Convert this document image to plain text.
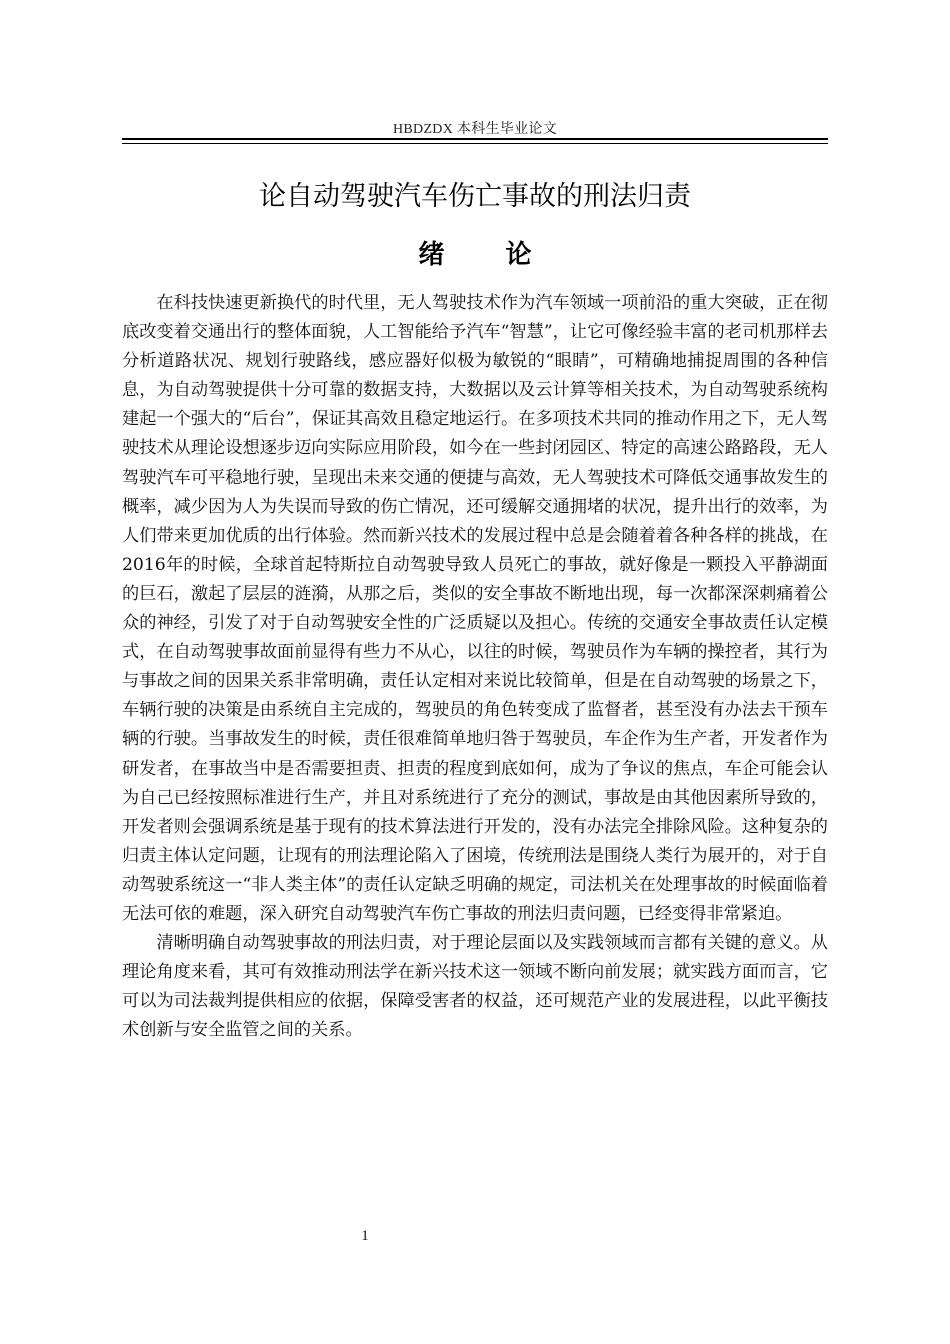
HBDZDX 本科生毕业论文
论自动驾驶汽车伤亡事故的刑法归责
绪 论

在科技快速更新换代的时代里，无人驾驶技术作为汽车领域一项前沿的重大突破，正在彻底改变着交通出行的整体面貌，人工智能给予汽车“智慧”，让它可像经验丰富的老司机那样去分析道路状况、规划行驶路线，感应器好似极为敏锐的“眼睛”，可精确地捕捉周围的各种信息，为自动驾驶提供十分可靠的数据支持，大数据以及云计算等相关技术，为自动驾驶系统构建起一个强大的“后台”，保证其高效且稳定地运行。在多项技术共同的推动作用之下，无人驾驶技术从理论设想逐步迈向实际应用阶段，如今在一些封闭园区、特定的高速公路路段，无人驾驶汽车可平稳地行驶，呈现出未来交通的便捷与高效，无人驾驶技术可降低交通事故发生的概率，减少因为人为失误而导致的伤亡情况，还可缓解交通拥堵的状况，提升出行的效率，为人们带来更加优质的出行体验。然而新兴技术的发展过程中总是会随着着各种各样的挑战，在2016年的时候，全球首起特斯拉自动驾驶导致人员死亡的事故，就好像是一颗投入平静湖面的巨石，激起了层层的涟漪，从那之后，类似的安全事故不断地出现，每一次都深深刺痛着公众的神经，引发了对于自动驾驶安全性的广泛质疑以及担心。传统的交通安全事故责任认定模式，在自动驾驶事故面前显得有些力不从心，以往的时候，驾驶员作为车辆的操控者，其行为与事故之间的因果关系非常明确，责任认定相对来说比较简单，但是在自动驾驶的场景之下，车辆行驶的决策是由系统自主完成的，驾驶员的角色转变成了监督者，甚至没有办法去干预车辆的行驶。当事故发生的时候，责任很难简单地归咎于驾驶员，车企作为生产者，开发者作为研发者，在事故当中是否需要担责、担责的程度到底如何，成为了争议的焦点，车企可能会认为自己已经按照标准进行生产，并且对系统进行了充分的测试，事故是由其他因素所导致的，开发者则会强调系统是基于现有的技术算法进行开发的，没有办法完全排除风险。这种复杂的归责主体认定问题，让现有的刑法理论陷入了困境，传统刑法是围绕人类行为展开的，对于自动驾驶系统这一“非人类主体”的责任认定缺乏明确的规定，司法机关在处理事故的时候面临着无法可依的难题，深入研究自动驾驶汽车伤亡事故的刑法归责问题，已经变得非常紧迫。

清晰明确自动驾驶事故的刑法归责，对于理论层面以及实践领域而言都有关键的意义。从理论角度来看，其可有效推动刑法学在新兴技术这一领域不断向前发展；就实践方面而言，它可以为司法裁判提供相应的依据，保障受害者的权益，还可规范产业的发展进程，以此平衡技术创新与安全监管之间的关系。

1
